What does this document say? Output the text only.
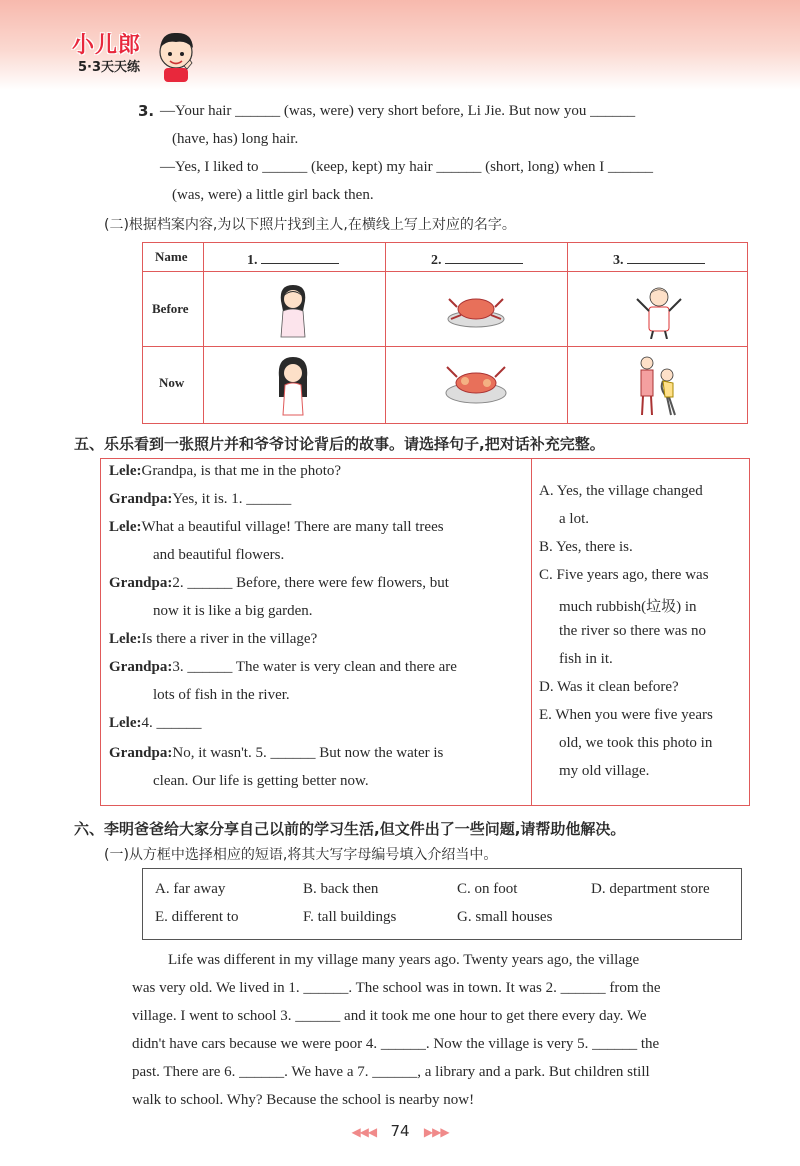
小儿郎
5·3天天练
3. —Your hair ______ (was, were) very short before, Li Jie. But now you ______
(have, has) long hair.
—Yes, I liked to ______ (keep, kept) my hair ______ (short, long) when I ______
(was, were) a little girl back then.
(二)根据档案内容,为以下照片找到主人,在横线上写上对应的名字。
Name
Before
Now
1.	2.	3.
五、乐乐看到一张照片并和爷爷讨论背后的故事。请选择句子,把对话补充完整。
Lele:Grandpa, is that me in the photo?
Grandpa:Yes, it is. 1. ______
Lele:What a beautiful village! There are many tall trees
and beautiful flowers.
Grandpa:2. ______ Before, there were few flowers, but
now it is like a big garden.
Lele:Is there a river in the village?
Grandpa:3. ______ The water is very clean and there are
lots of fish in the river.
Lele:4. ______
Grandpa:No, it wasn't. 5. ______ But now the water is
clean. Our life is getting better now.
A. Yes, the village changed
a lot.
B. Yes, there is.
C. Five years ago, there was
much rubbish(垃圾) in
the river so there was no
fish in it.
D. Was it clean before?
E. When you were five years
old, we took this photo in
my old village.
六、李明爸爸给大家分享自己以前的学习生活,但文件出了一些问题,请帮助他解决。
(一)从方框中选择相应的短语,将其大写字母编号填入介绍当中。
A. far away	B. back then	C. on foot	D. department store
E. different to	F. tall buildings	G. small houses
Life was different in my village many years ago. Twenty years ago, the village
was very old. We lived in 1. ______. The school was in town. It was 2. ______ from the
village. I went to school 3. ______ and it took me one hour to get there every day. We
didn't have cars because we were poor 4. ______. Now the village is very 5. ______ the
past. There are 6. ______. We have a 7. ______, a library and a park. But children still
walk to school. Why? Because the school is nearby now!
◀◀◀ 74 ▶▶▶
